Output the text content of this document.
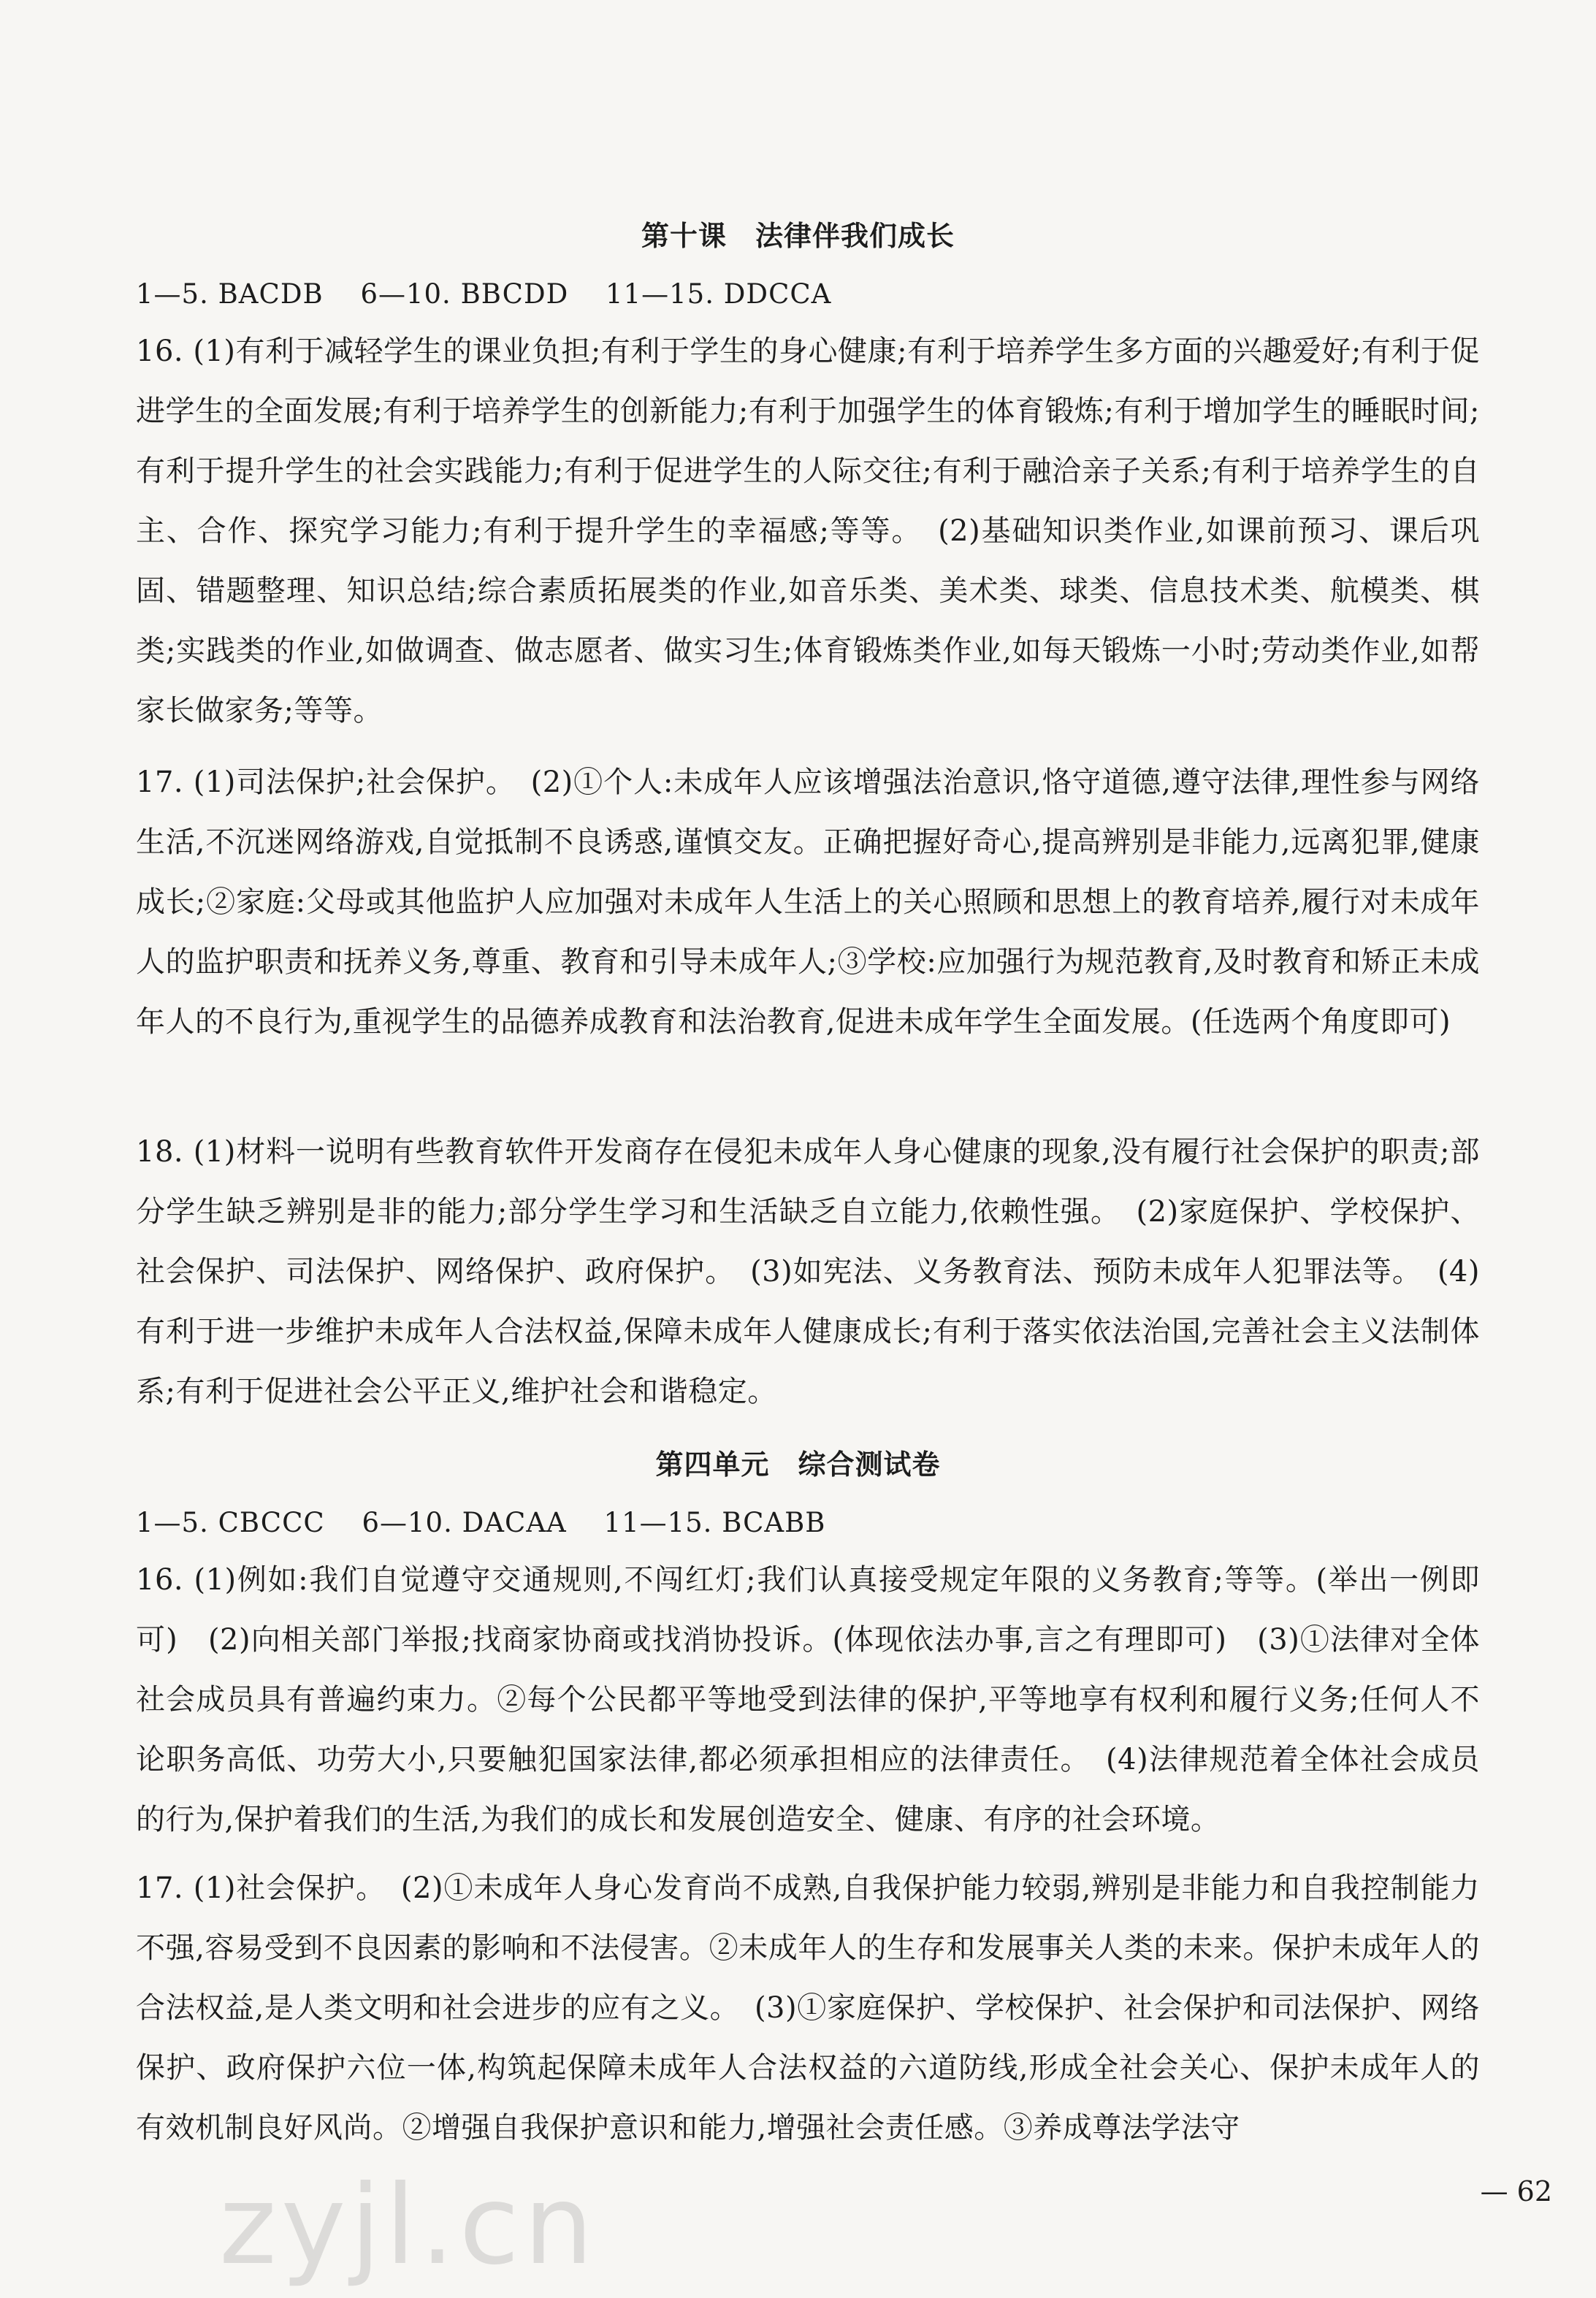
第十课　法律伴我们成长
1—5. BACDB　 6—10. BBCDD　 11—15. DDCCA
16. (1)有利于减轻学生的课业负担;有利于学生的身心健康;有利于培养学生多方面的兴趣爱好;有利于促进学生的全面发展;有利于培养学生的创新能力;有利于加强学生的体育锻炼;有利于增加学生的睡眠时间;有利于提升学生的社会实践能力;有利于促进学生的人际交往;有利于融洽亲子关系;有利于培养学生的自主、合作、探究学习能力;有利于提升学生的幸福感;等等。　(2)基础知识类作业,如课前预习、课后巩固、错题整理、知识总结;综合素质拓展类的作业,如音乐类、美术类、球类、信息技术类、航模类、棋类;实践类的作业,如做调查、做志愿者、做实习生;体育锻炼类作业,如每天锻炼一小时;劳动类作业,如帮家长做家务;等等。
17. (1)司法保护;社会保护。　(2)①个人:未成年人应该增强法治意识,恪守道德,遵守法律,理性参与网络生活,不沉迷网络游戏,自觉抵制不良诱惑,谨慎交友。正确把握好奇心,提高辨别是非能力,远离犯罪,健康成长;②家庭:父母或其他监护人应加强对未成年人生活上的关心照顾和思想上的教育培养,履行对未成年人的监护职责和抚养义务,尊重、教育和引导未成年人;③学校:应加强行为规范教育,及时教育和矫正未成年人的不良行为,重视学生的品德养成教育和法治教育,促进未成年学生全面发展。(任选两个角度即可)
18. (1)材料一说明有些教育软件开发商存在侵犯未成年人身心健康的现象,没有履行社会保护的职责;部分学生缺乏辨别是非的能力;部分学生学习和生活缺乏自立能力,依赖性强。　(2)家庭保护、学校保护、社会保护、司法保护、网络保护、政府保护。　(3)如宪法、义务教育法、预防未成年人犯罪法等。　(4)有利于进一步维护未成年人合法权益,保障未成年人健康成长;有利于落实依法治国,完善社会主义法制体系;有利于促进社会公平正义,维护社会和谐稳定。
第四单元　综合测试卷
1—5. CBCCC　 6—10. DACAA　 11—15. BCABB
16. (1)例如:我们自觉遵守交通规则,不闯红灯;我们认真接受规定年限的义务教育;等等。(举出一例即可)　(2)向相关部门举报;找商家协商或找消协投诉。(体现依法办事,言之有理即可)　(3)①法律对全体社会成员具有普遍约束力。②每个公民都平等地受到法律的保护,平等地享有权利和履行义务;任何人不论职务高低、功劳大小,只要触犯国家法律,都必须承担相应的法律责任。　(4)法律规范着全体社会成员的行为,保护着我们的生活,为我们的成长和发展创造安全、健康、有序的社会环境。
17. (1)社会保护。　(2)①未成年人身心发育尚不成熟,自我保护能力较弱,辨别是非能力和自我控制能力不强,容易受到不良因素的影响和不法侵害。②未成年人的生存和发展事关人类的未来。保护未成年人的合法权益,是人类文明和社会进步的应有之义。　(3)①家庭保护、学校保护、社会保护和司法保护、网络保护、政府保护六位一体,构筑起保障未成年人合法权益的六道防线,形成全社会关心、保护未成年人的有效机制良好风尚。②增强自我保护意识和能力,增强社会责任感。③养成尊法学法守
— 62
zyjl.cn
